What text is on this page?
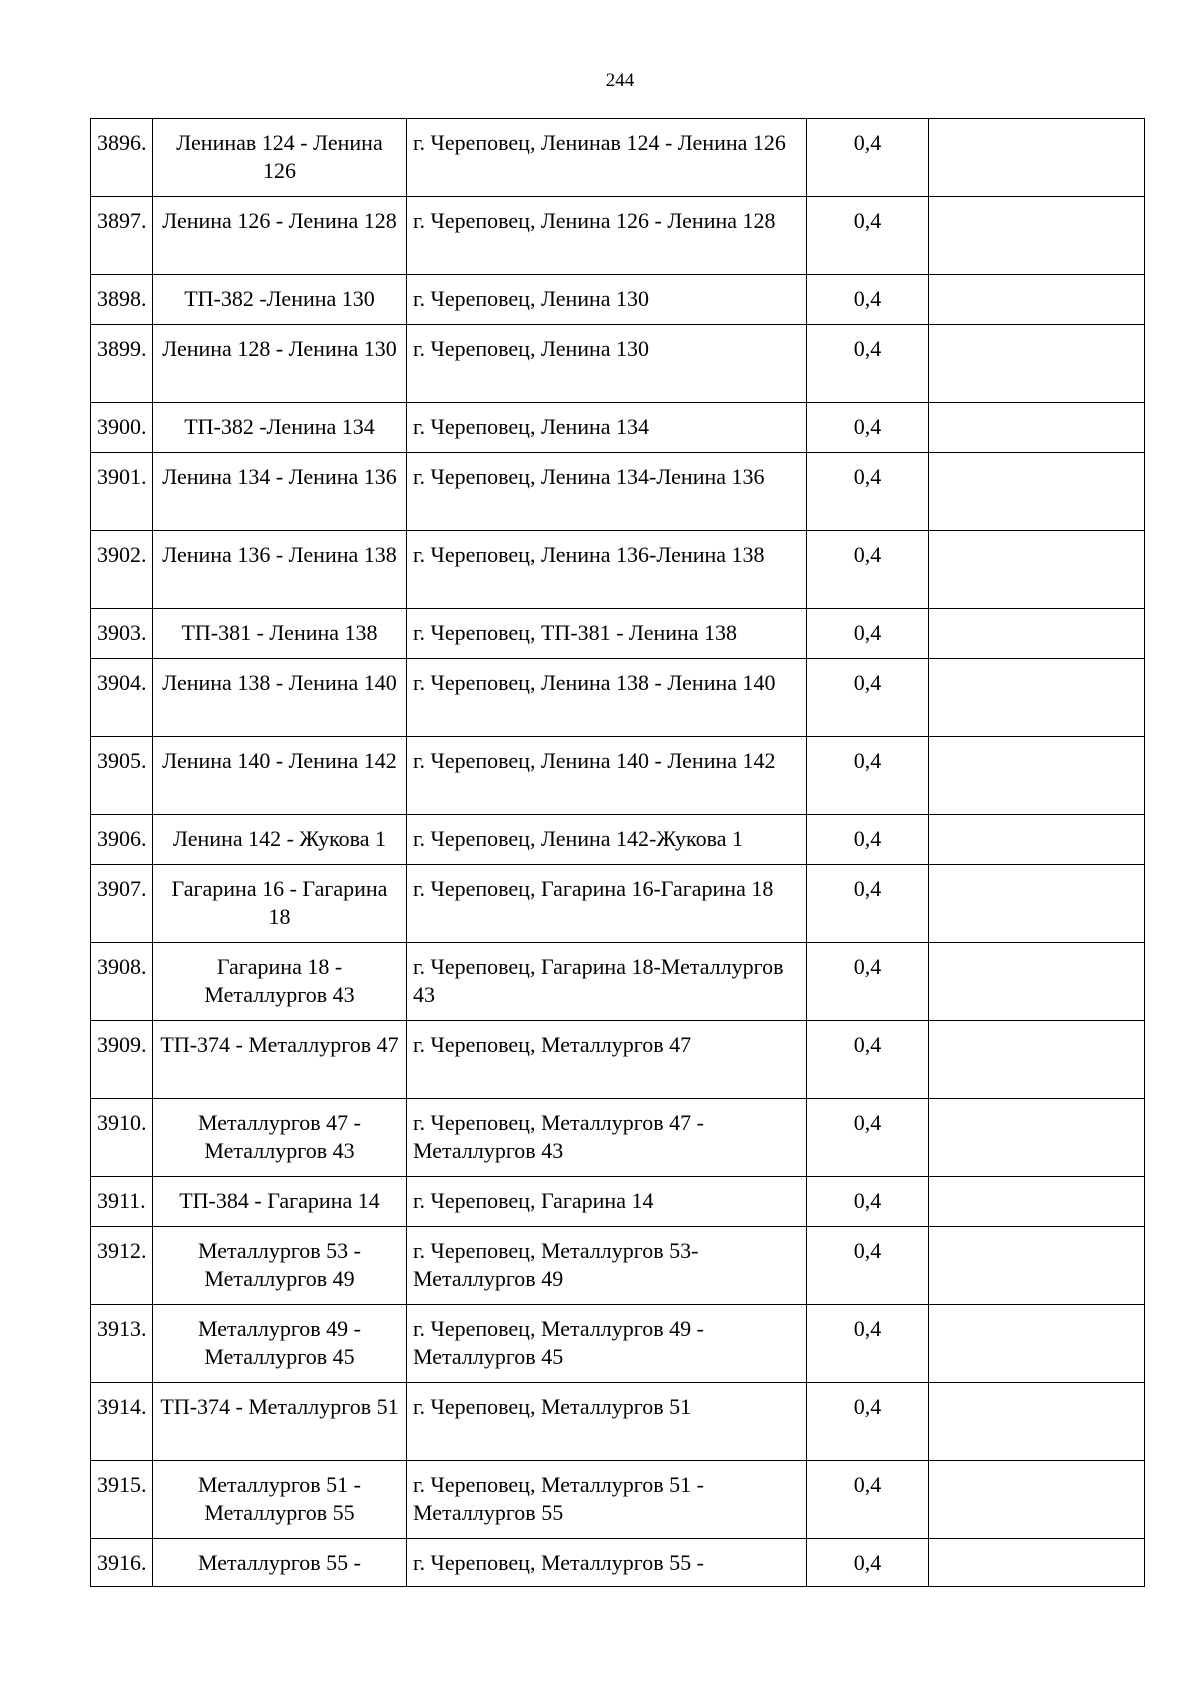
244
3896.	Ленинав 124 - Ленина 126	г. Череповец, Ленинав 124 - Ленина 126	0,4	
3897.	Ленина 126 - Ленина 128	г. Череповец, Ленина 126 - Ленина 128	0,4	
3898.	ТП-382 -Ленина 130	г. Череповец, Ленина 130	0,4	
3899.	Ленина 128 - Ленина 130	г. Череповец, Ленина 130	0,4	
3900.	ТП-382 -Ленина 134	г. Череповец, Ленина 134	0,4	
3901.	Ленина 134 - Ленина 136	г. Череповец, Ленина 134-Ленина 136	0,4	
3902.	Ленина 136 - Ленина 138	г. Череповец, Ленина 136-Ленина 138	0,4	
3903.	ТП-381 - Ленина 138	г. Череповец, ТП-381 - Ленина 138	0,4	
3904.	Ленина 138 - Ленина 140	г. Череповец, Ленина 138 - Ленина 140	0,4	
3905.	Ленина 140 - Ленина 142	г. Череповец, Ленина 140 - Ленина 142	0,4	
3906.	Ленина 142 - Жукова 1	г. Череповец, Ленина 142-Жукова 1	0,4	
3907.	Гагарина 16 - Гагарина 18	г. Череповец, Гагарина 16-Гагарина 18	0,4	
3908.	Гагарина 18 - Металлургов 43	г. Череповец, Гагарина 18-Металлургов 43	0,4	
3909.	ТП-374 - Металлургов 47	г. Череповец, Металлургов 47	0,4	
3910.	Металлургов 47 - Металлургов 43	г. Череповец, Металлургов 47 - Металлургов 43	0,4	
3911.	ТП-384 - Гагарина 14	г. Череповец, Гагарина 14	0,4	
3912.	Металлургов 53 - Металлургов 49	г. Череповец, Металлургов 53-Металлургов 49	0,4	
3913.	Металлургов 49 - Металлургов 45	г. Череповец, Металлургов 49 - Металлургов 45	0,4	
3914.	ТП-374 - Металлургов 51	г. Череповец, Металлургов 51	0,4	
3915.	Металлургов 51 - Металлургов 55	г. Череповец, Металлургов 51 - Металлургов 55	0,4	
3916.	Металлургов 55 -	г. Череповец, Металлургов 55 -	0,4	
